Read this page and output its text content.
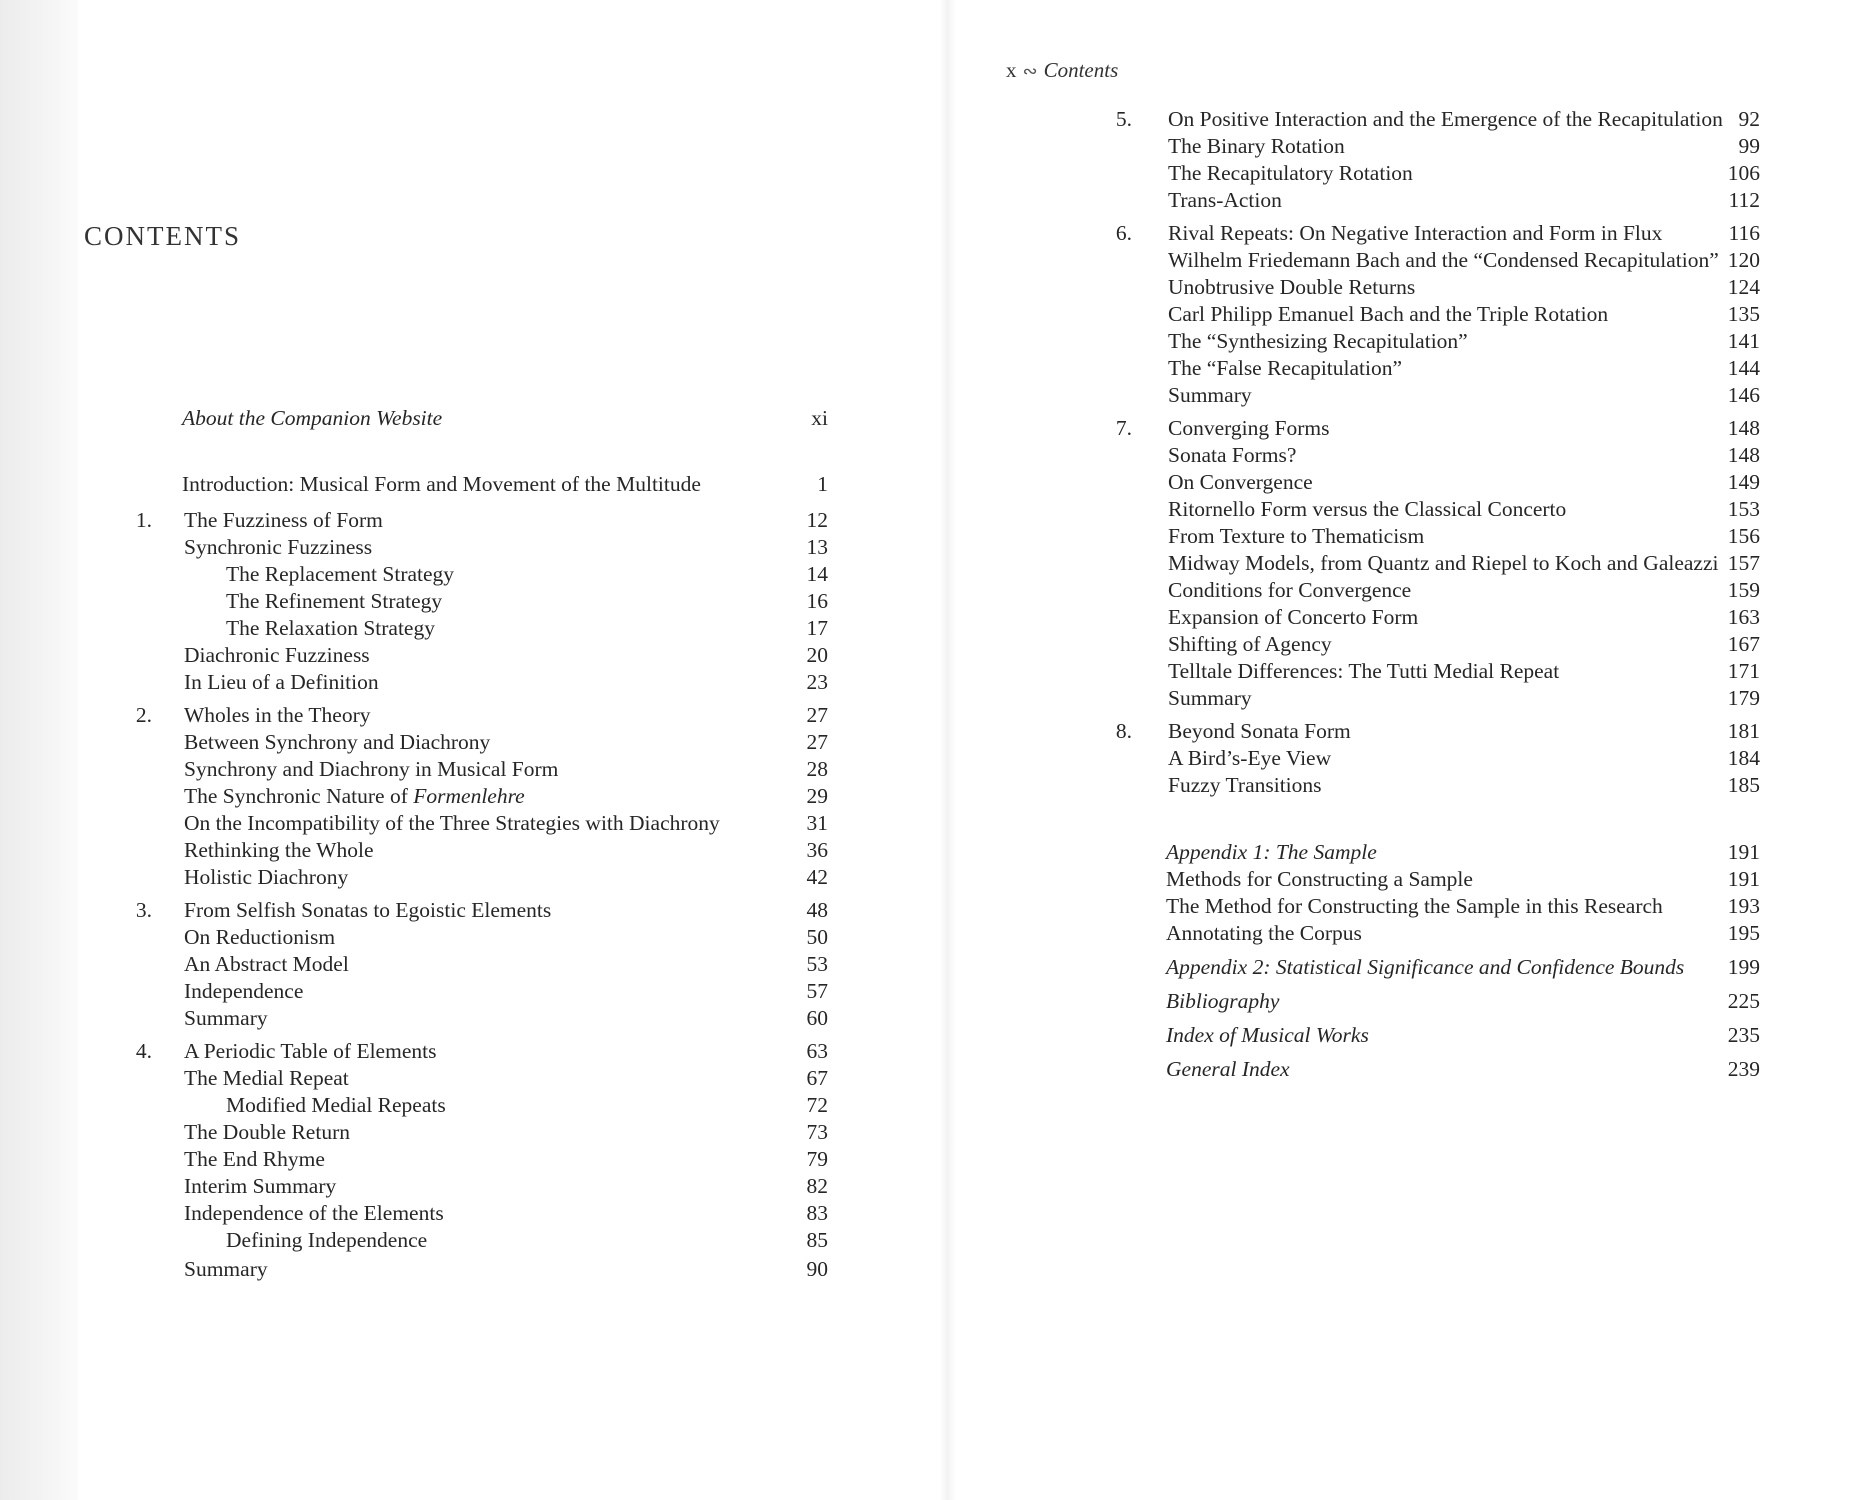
CONTENTS
About the Companion Website	xi
Introduction: Musical Form and Movement of the Multitude	1
1. The Fuzziness of Form	12
Synchronic Fuzziness	13
The Replacement Strategy	14
The Refinement Strategy	16
The Relaxation Strategy	17
Diachronic Fuzziness	20
In Lieu of a Definition	23
2. Wholes in the Theory	27
Between Synchrony and Diachrony	27
Synchrony and Diachrony in Musical Form	28
The Synchronic Nature of Formenlehre	29
On the Incompatibility of the Three Strategies with Diachrony	31
Rethinking the Whole	36
Holistic Diachrony	42
3. From Selfish Sonatas to Egoistic Elements	48
On Reductionism	50
An Abstract Model	53
Independence	57
Summary	60
4. A Periodic Table of Elements	63
The Medial Repeat	67
Modified Medial Repeats	72
The Double Return	73
The End Rhyme	79
Interim Summary	82
Independence of the Elements	83
Defining Independence	85
Summary	90
x ∾ Contents
5. On Positive Interaction and the Emergence of the Recapitulation 92
The Binary Rotation	99
The Recapitulatory Rotation	106
Trans-Action	112
6. Rival Repeats: On Negative Interaction and Form in Flux	116
Wilhelm Friedemann Bach and the “Condensed Recapitulation” 120
Unobtrusive Double Returns	124
Carl Philipp Emanuel Bach and the Triple Rotation	135
The “Synthesizing Recapitulation”	141
The “False Recapitulation”	144
Summary	146
7. Converging Forms	148
Sonata Forms?	148
On Convergence	149
Ritornello Form versus the Classical Concerto	153
From Texture to Thematicism	156
Midway Models, from Quantz and Riepel to Koch and Galeazzi 157
Conditions for Convergence	159
Expansion of Concerto Form	163
Shifting of Agency	167
Telltale Differences: The Tutti Medial Repeat	171
Summary	179
8. Beyond Sonata Form	181
A Bird’s-Eye View	184
Fuzzy Transitions	185
Appendix 1: The Sample	191
Methods for Constructing a Sample	191
The Method for Constructing the Sample in this Research	193
Annotating the Corpus	195
Appendix 2: Statistical Significance and Confidence Bounds	199
Bibliography	225
Index of Musical Works	235
General Index	239
